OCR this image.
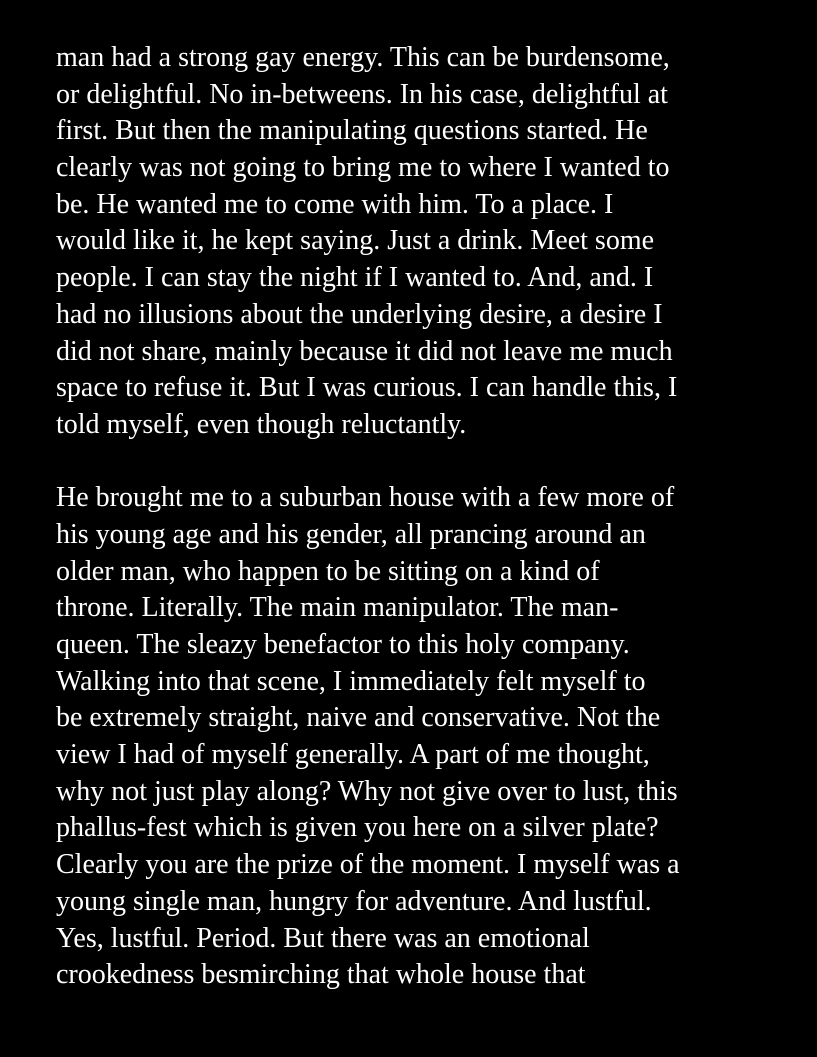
man had a strong gay energy. This can be burdensome,
or delightful. No in-betweens. In his case, delightful at
first. But then the manipulating questions started. He
clearly was not going to bring me to where I wanted to
be. He wanted me to come with him. To a place. I
would like it, he kept saying. Just a drink. Meet some
people. I can stay the night if I wanted to. And, and. I
had no illusions about the underlying desire, a desire I
did not share, mainly because it did not leave me much
space to refuse it. But I was curious. I can handle this, I
told myself, even though reluctantly.
He brought me to a suburban house with a few more of
his young age and his gender, all prancing around an
older man, who happen to be sitting on a kind of
throne. Literally. The main manipulator. The man-
queen. The sleazy benefactor to this holy company.
Walking into that scene, I immediately felt myself to
be extremely straight, naive and conservative. Not the
view I had of myself generally. A part of me thought,
why not just play along? Why not give over to lust, this
phallus-fest which is given you here on a silver plate?
Clearly you are the prize of the moment. I myself was a
young single man, hungry for adventure. And lustful.
Yes, lustful. Period. But there was an emotional
crookedness besmirching that whole house that
